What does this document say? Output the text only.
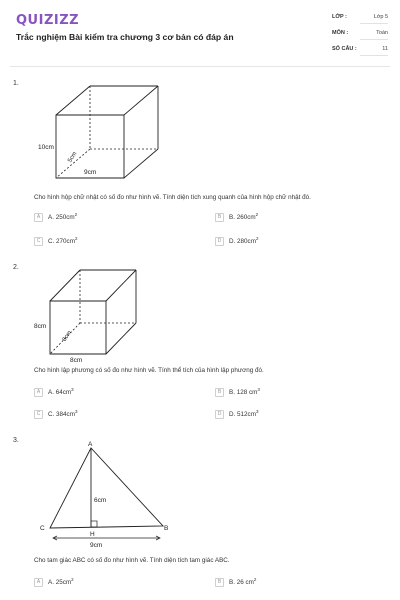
QUIZIZZ
Trắc nghiệm Bài kiểm tra chương 3 cơ bản có đáp án
LỚP :	Lớp 5
MÔN :	Toán
SỐ CÂU :	11
1.
10cm
5cm
9cm
Cho hình hộp chữ nhật có số đo như hình vẽ. Tính diện tích xung quanh của hình hộp chữ nhật đó.
A	A. $250cm^2$
B	B. $260cm^2$
C	C. $270cm^2$
D	D. $280cm^2$
2.
8cm
8cm
8cm
Cho hình lập phương có số đo như hình vẽ. Tính thể tích của hình lập phương đó.
A	A. $64cm^3$
B	B. 128 $cm^3$
C	C. $384cm^3$
D	D. $512cm^3$
3.
A
B
C
H
6cm
9cm
Cho tam giác ABC có số đo như hình vẽ. Tính diện tích tam giác ABC.
A	A. $25cm^2$
B	B. 26 $cm^2$
